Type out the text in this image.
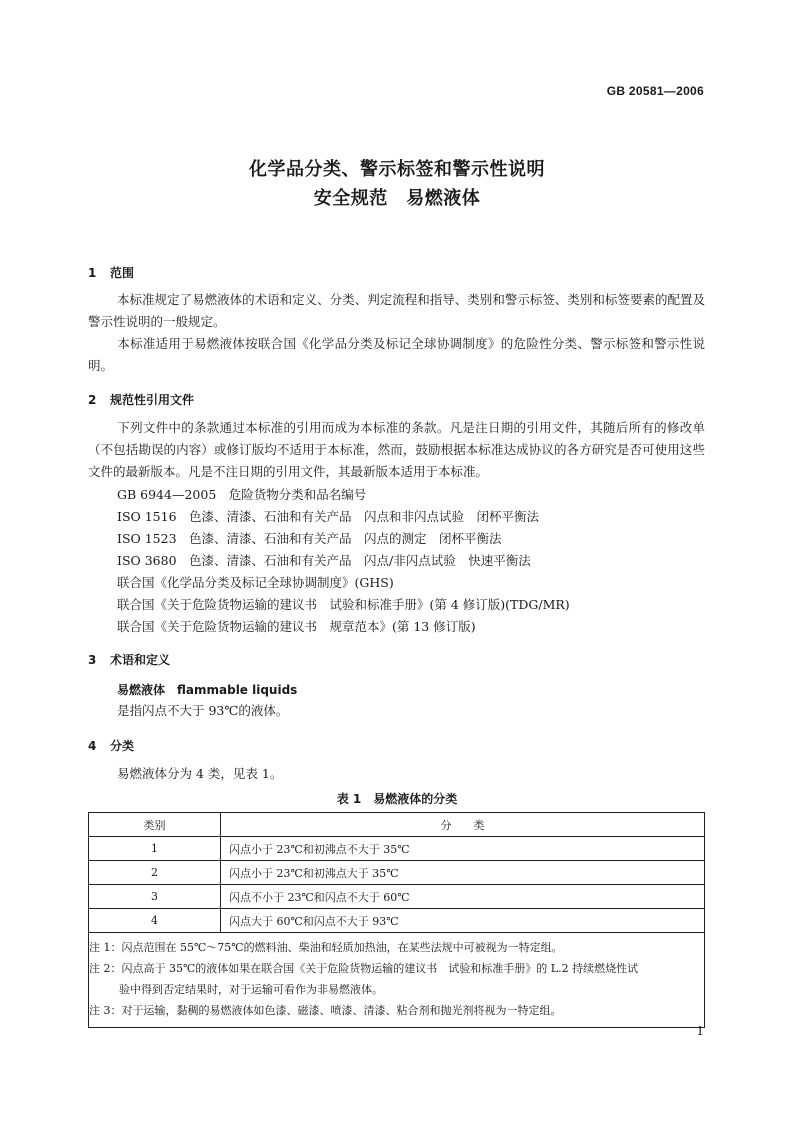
GB 20581—2006
化学品分类、警示标签和警示性说明
安全规范　易燃液体
1 范围
本标准规定了易燃液体的术语和定义、分类、判定流程和指导、类别和警示标签、类别和标签要素的配置及警示性说明的一般规定。
本标准适用于易燃液体按联合国《化学品分类及标记全球协调制度》的危险性分类、警示标签和警示性说明。
2 规范性引用文件
下列文件中的条款通过本标准的引用而成为本标准的条款。凡是注日期的引用文件，其随后所有的修改单（不包括勘误的内容）或修订版均不适用于本标准，然而，鼓励根据本标准达成协议的各方研究是否可使用这些文件的最新版本。凡是不注日期的引用文件，其最新版本适用于本标准。
GB 6944—2005　危险货物分类和品名编号
ISO 1516　色漆、清漆、石油和有关产品　闪点和非闪点试验　闭杯平衡法
ISO 1523　色漆、清漆、石油和有关产品　闪点的测定　闭杯平衡法
ISO 3680　色漆、清漆、石油和有关产品　闪点/非闪点试验　快速平衡法
联合国《化学品分类及标记全球协调制度》(GHS)
联合国《关于危险货物运输的建议书　试验和标准手册》(第 4 修订版)(TDG/MR)
联合国《关于危险货物运输的建议书　规章范本》(第 13 修订版)
3 术语和定义
易燃液体　flammable liquids
是指闪点不大于 93℃的液体。
4 分类
易燃液体分为 4 类，见表 1。
表 1　易燃液体的分类
类别	分　　类
1	闪点小于 23℃和初沸点不大于 35℃
2	闪点小于 23℃和初沸点大于 35℃
3	闪点不小于 23℃和闪点不大于 60℃
4	闪点大于 60℃和闪点不大于 93℃

注 1：闪点范围在 55℃～75℃的燃料油、柴油和轻质加热油，在某些法规中可被视为一特定组。
注 2：闪点高于 35℃的液体如果在联合国《关于危险货物运输的建议书　试验和标准手册》的 L.2 持续燃烧性试
验中得到否定结果时，对于运输可看作为非易燃液体。
注 3：对于运输，黏稠的易燃液体如色漆、磁漆、喷漆、清漆、粘合剂和抛光剂将视为一特定组。	
1
